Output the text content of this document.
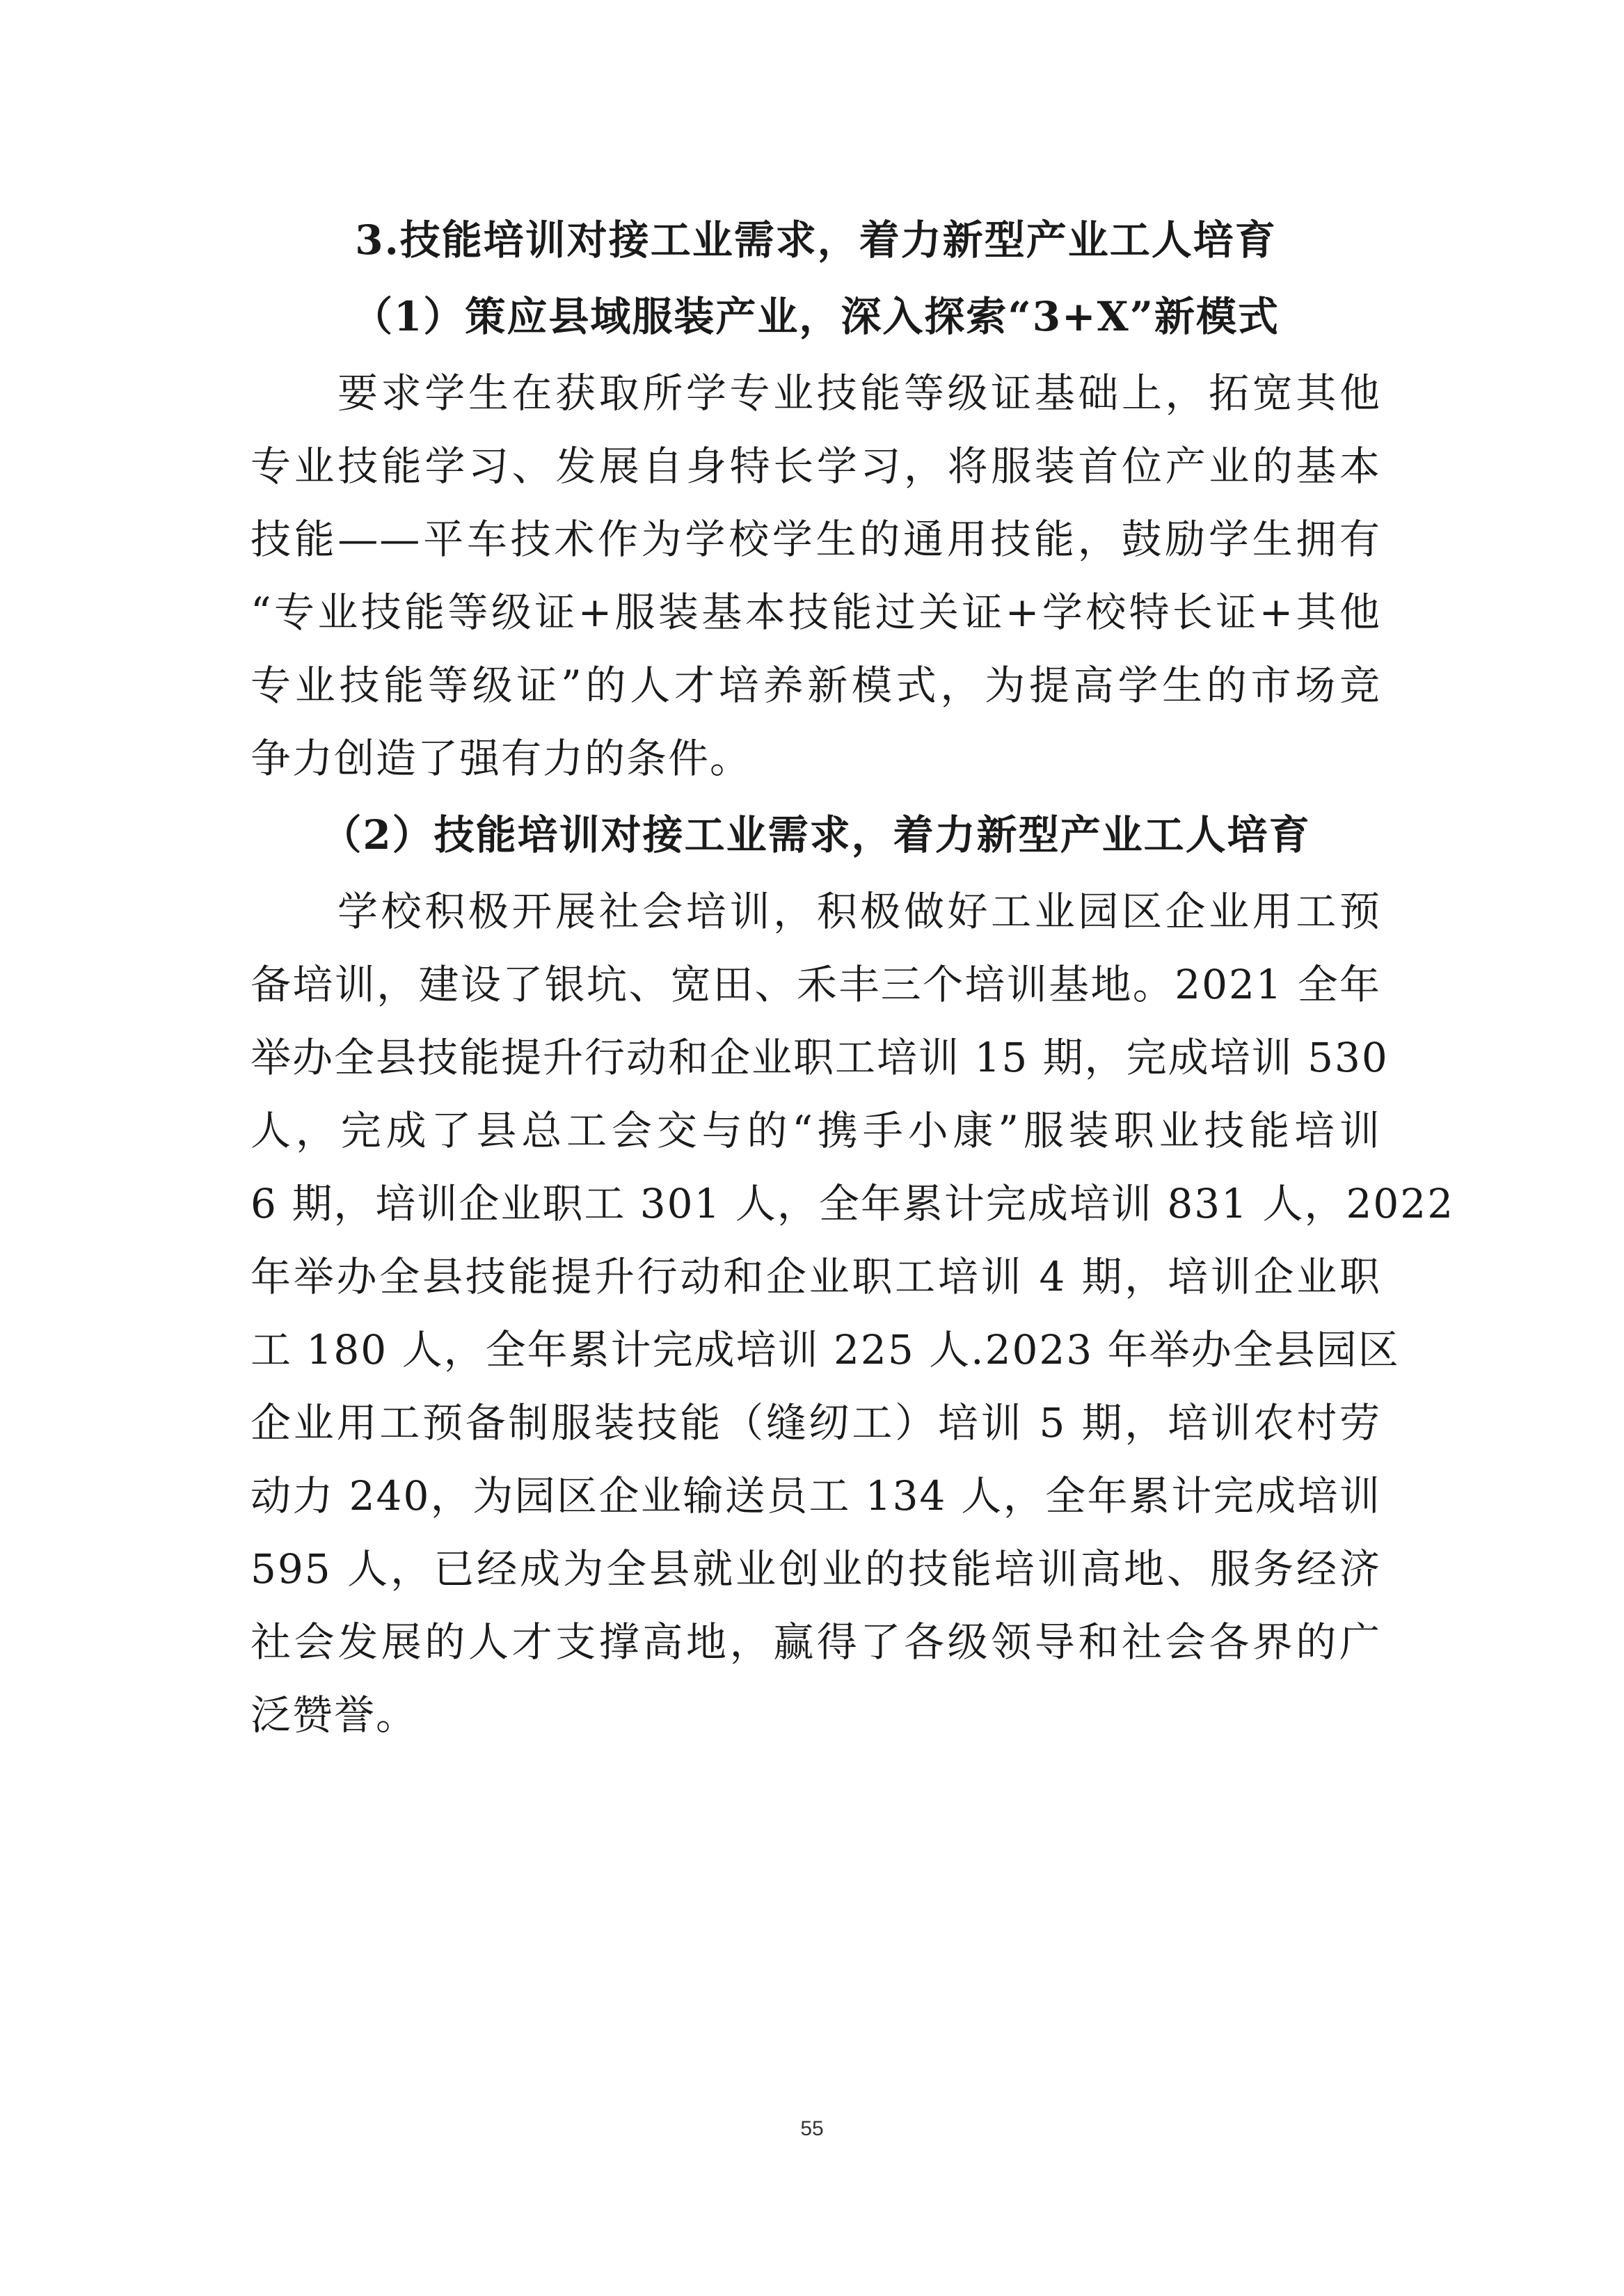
3.技能培训对接工业需求，着力新型产业工人培育
（1）策应县域服装产业，深入探索“3+X”新模式
要求学生在获取所学专业技能等级证基础上，拓宽其他
专业技能学习、发展自身特长学习，将服装首位产业的基本
技能——平车技术作为学校学生的通用技能，鼓励学生拥有
“专业技能等级证+服装基本技能过关证+学校特长证+其他
专业技能等级证”的人才培养新模式，为提高学生的市场竞
争力创造了强有力的条件。
（2）技能培训对接工业需求，着力新型产业工人培育
学校积极开展社会培训，积极做好工业园区企业用工预
备培训，建设了银坑、宽田、禾丰三个培训基地。2021 全年
举办全县技能提升行动和企业职工培训 15 期，完成培训 530
人，完成了县总工会交与的“携手小康”服装职业技能培训
6 期，培训企业职工 301 人，全年累计完成培训 831 人，2022
年举办全县技能提升行动和企业职工培训 4 期，培训企业职
工 180 人，全年累计完成培训 225 人.2023 年举办全县园区
企业用工预备制服装技能（缝纫工）培训 5 期，培训农村劳
动力 240，为园区企业输送员工 134 人，全年累计完成培训
595 人，已经成为全县就业创业的技能培训高地、服务经济
社会发展的人才支撑高地，赢得了各级领导和社会各界的广
泛赞誉。
55
